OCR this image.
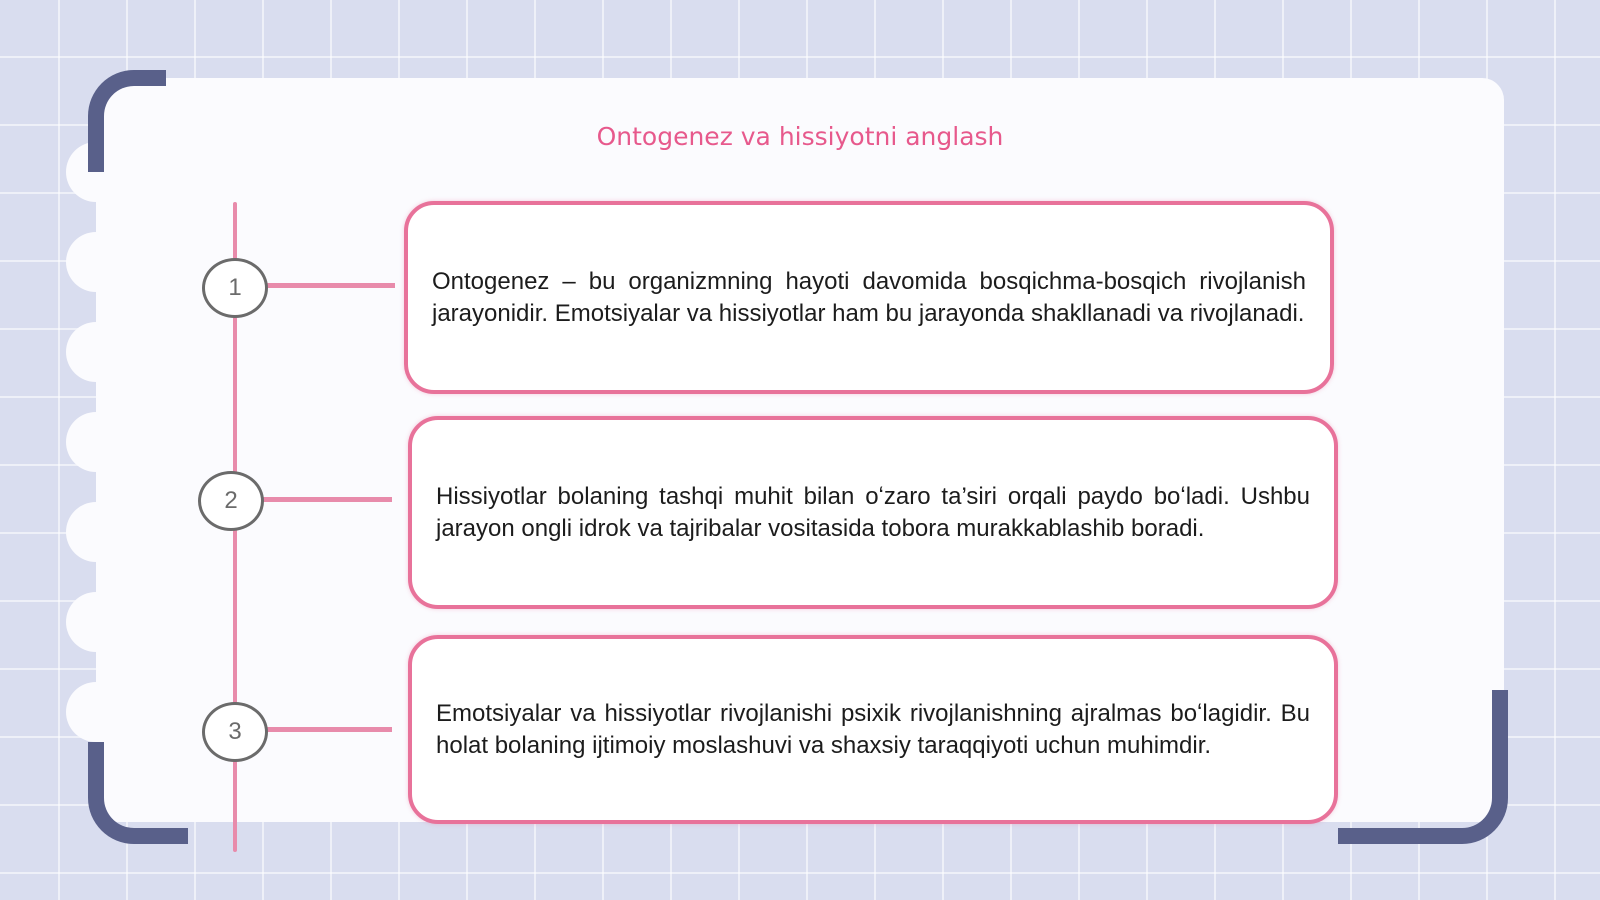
Ontogenez va hissiyotni anglash
1
2
3
Ontogenez – bu organizmning hayoti davomida bosqichma-bosqich rivojlanish jarayonidir. Emotsiyalar va hissiyotlar ham bu jarayonda shakllanadi va rivojlanadi.
Hissiyotlar bolaning tashqi muhit bilan oʻzaro ta’siri orqali paydo boʻladi. Ushbu jarayon ongli idrok va tajribalar vositasida tobora murakkablashib boradi.
Emotsiyalar va hissiyotlar rivojlanishi psixik rivojlanishning ajralmas boʻlagidir. Bu holat bolaning ijtimoiy moslashuvi va shaxsiy taraqqiyoti uchun muhimdir.
